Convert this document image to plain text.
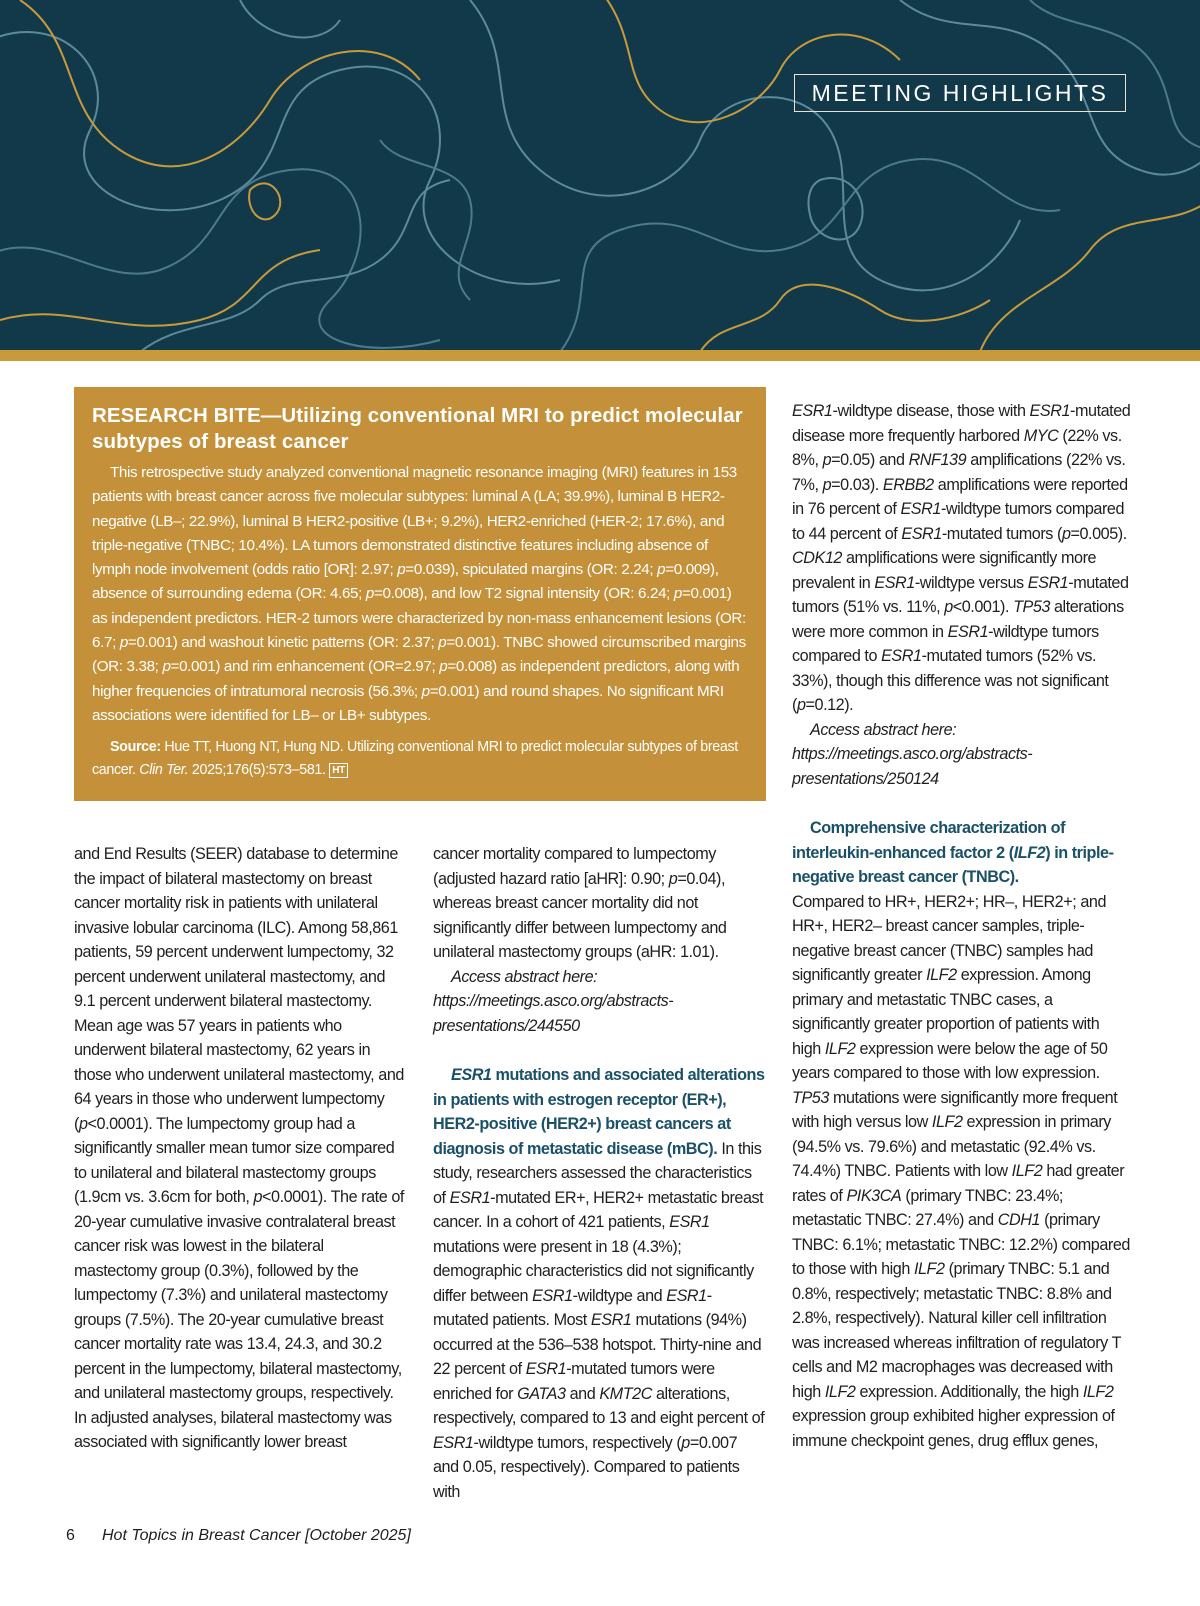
MEETING HIGHLIGHTS
RESEARCH BITE—Utilizing conventional MRI to predict molecular subtypes of breast cancer

This retrospective study analyzed conventional magnetic resonance imaging (MRI) features in 153 patients with breast cancer across five molecular subtypes: luminal A (LA; 39.9%), luminal B HER2-negative (LB–; 22.9%), luminal B HER2-positive (LB+; 9.2%), HER2-enriched (HER-2; 17.6%), and triple-negative (TNBC; 10.4%). LA tumors demonstrated distinctive features including absence of lymph node involvement (odds ratio [OR]: 2.97; p=0.039), spiculated margins (OR: 2.24; p=0.009), absence of surrounding edema (OR: 4.65; p=0.008), and low T2 signal intensity (OR: 6.24; p=0.001) as independent predictors. HER-2 tumors were characterized by non-mass enhancement lesions (OR: 6.7; p=0.001) and washout kinetic patterns (OR: 2.37; p=0.001). TNBC showed circumscribed margins (OR: 3.38; p=0.001) and rim enhancement (OR=2.97; p=0.008) as independent predictors, along with higher frequencies of intratumoral necrosis (56.3%; p=0.001) and round shapes. No significant MRI associations were identified for LB– or LB+ subtypes.

Source: Hue TT, Huong NT, Hung ND. Utilizing conventional MRI to predict molecular subtypes of breast cancer. Clin Ter. 2025;176(5):573–581. HT

and End Results (SEER) database to determine the impact of bilateral mastectomy on breast cancer mortality risk in patients with unilateral invasive lobular carcinoma (ILC). Among 58,861 patients, 59 percent underwent lumpectomy, 32 percent underwent unilateral mastectomy, and 9.1 percent underwent bilateral mastectomy. Mean age was 57 years in patients who underwent bilateral mastectomy, 62 years in those who underwent unilateral mastectomy, and 64 years in those who underwent lumpectomy (p<0.0001). The lumpectomy group had a significantly smaller mean tumor size compared to unilateral and bilateral mastectomy groups (1.9cm vs. 3.6cm for both, p<0.0001). The rate of 20-year cumulative invasive contralateral breast cancer risk was lowest in the bilateral mastectomy group (0.3%), followed by the lumpectomy (7.3%) and unilateral mastectomy groups (7.5%). The 20-year cumulative breast cancer mortality rate was 13.4, 24.3, and 30.2 percent in the lumpectomy, bilateral mastectomy, and unilateral mastectomy groups, respectively. In adjusted analyses, bilateral mastectomy was associated with significantly lower breast

cancer mortality compared to lumpectomy (adjusted hazard ratio [aHR]: 0.90; p=0.04), whereas breast cancer mortality did not significantly differ between lumpectomy and unilateral mastectomy groups (aHR: 1.01).

Access abstract here: https://meetings.asco.org/abstracts-presentations/244550

ESR1 mutations and associated alterations in patients with estrogen receptor (ER+), HER2-positive (HER2+) breast cancers at diagnosis of metastatic disease (mBC). In this study, researchers assessed the characteristics of ESR1-mutated ER+, HER2+ metastatic breast cancer. In a cohort of 421 patients, ESR1 mutations were present in 18 (4.3%); demographic characteristics did not significantly differ between ESR1-wildtype and ESR1-mutated patients. Most ESR1 mutations (94%) occurred at the 536–538 hotspot. Thirty-nine and 22 percent of ESR1-mutated tumors were enriched for GATA3 and KMT2C alterations, respectively, compared to 13 and eight percent of ESR1-wildtype tumors, respectively (p=0.007 and 0.05, respectively). Compared to patients with

ESR1-wildtype disease, those with ESR1-mutated disease more frequently harbored MYC (22% vs. 8%, p=0.05) and RNF139 amplifications (22% vs. 7%, p=0.03). ERBB2 amplifications were reported in 76 percent of ESR1-wildtype tumors compared to 44 percent of ESR1-mutated tumors (p=0.005). CDK12 amplifications were significantly more prevalent in ESR1-wildtype versus ESR1-mutated tumors (51% vs. 11%, p<0.001). TP53 alterations were more common in ESR1-wildtype tumors compared to ESR1-mutated tumors (52% vs. 33%), though this difference was not significant (p=0.12).

Access abstract here: https://meetings.asco.org/abstracts-presentations/250124

Comprehensive characterization of interleukin-enhanced factor 2 (ILF2) in triple-negative breast cancer (TNBC).

Compared to HR+, HER2+; HR–, HER2+; and HR+, HER2– breast cancer samples, triple-negative breast cancer (TNBC) samples had significantly greater ILF2 expression. Among primary and metastatic TNBC cases, a significantly greater proportion of patients with high ILF2 expression were below the age of 50 years compared to those with low expression. TP53 mutations were significantly more frequent with high versus low ILF2 expression in primary (94.5% vs. 79.6%) and metastatic (92.4% vs. 74.4%) TNBC. Patients with low ILF2 had greater rates of PIK3CA (primary TNBC: 23.4%; metastatic TNBC: 27.4%) and CDH1 (primary TNBC: 6.1%; metastatic TNBC: 12.2%) compared to those with high ILF2 (primary TNBC: 5.1 and 0.8%, respectively; metastatic TNBC: 8.8% and 2.8%, respectively). Natural killer cell infiltration was increased whereas infiltration of regulatory T cells and M2 macrophages was decreased with high ILF2 expression. Additionally, the high ILF2 expression group exhibited higher expression of immune checkpoint genes, drug efflux genes,

6 Hot Topics in Breast Cancer [October 2025]
